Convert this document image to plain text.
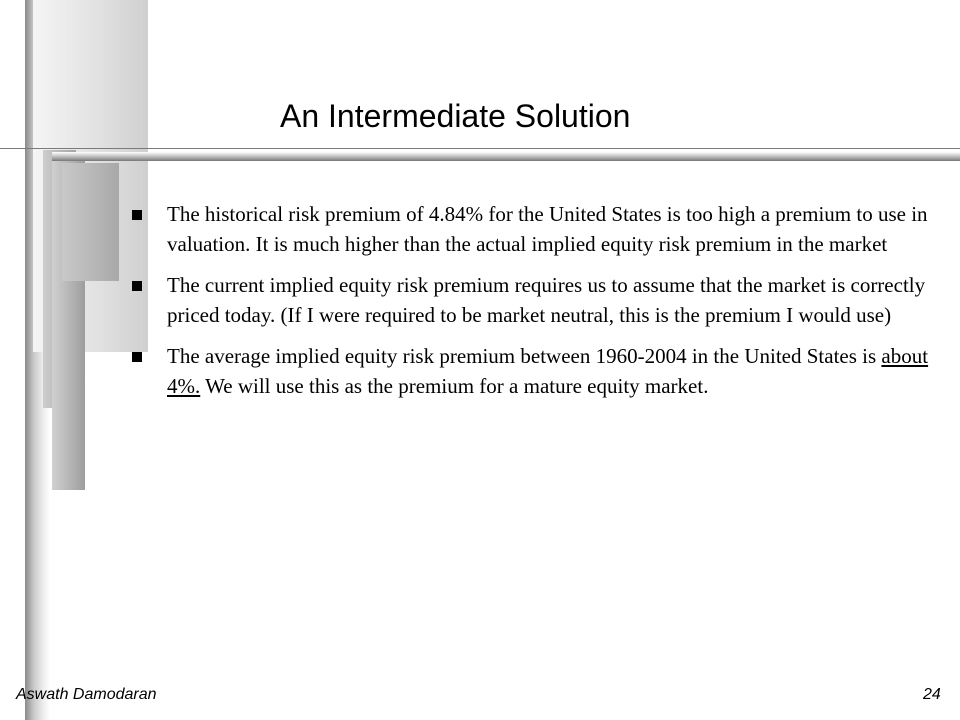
An Intermediate Solution
The historical risk premium of 4.84% for the United States is too high a premium to use in valuation. It is much higher than the actual implied equity risk premium in the market
The current implied equity risk premium requires us to assume that the market is correctly priced today. (If I were required to be market neutral, this is the premium I would use)
The average implied equity risk premium between 1960-2004 in the United States is about 4%. We will use this as the premium for a mature equity market.
Aswath Damodaran	24
